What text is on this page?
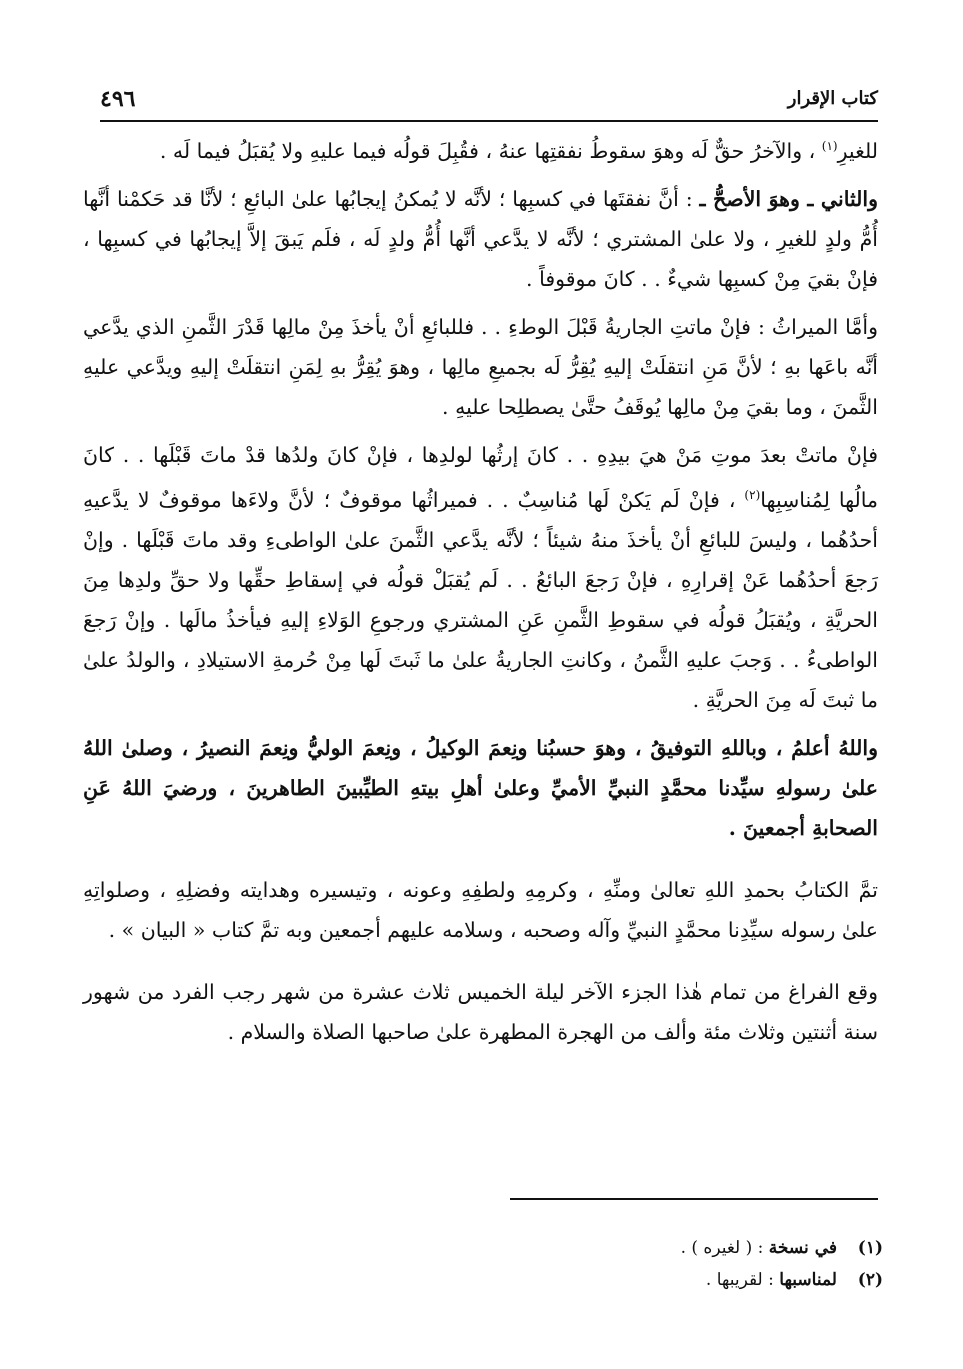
كتاب الإقرار
٤٩٦

للغيرِ$^{(١)}$ ، والآخرُ حقٌّ لَه وهوَ سقوطُ نفقتِها عنهُ ، فقُبِلَ قولُه فيما عليهِ ولا يُقبَلُ فيما لَه .

والثاني ـ وهوَ الأصحُّ ـ : أنَّ نفقتَها في كسبِها ؛ لأنَّه لا يُمكنُ إيجابُها علىٰ البائعِ ؛ لأنَّا قد حَكمْنا أنَّها أُمُّ ولدٍ للغيرِ ، ولا علىٰ المشتري ؛ لأنَّه لا يدَّعي أنَّها أُمُّ ولدٍ لَه ، فلَم يَبقَ إلاَّ إيجابُها في كسبِها ، فإنْ بقيَ مِنْ كسبِها شيءٌ . . كانَ موقوفاً .

وأمَّا الميراثُ : فإنْ ماتتِ الجاريةُ قَبْلَ الوطءِ . . فللبائعِ أنْ يأخذَ مِنْ مالِها قَدْرَ الثَّمنِ الذي يدَّعي أنَّه باعَها بهِ ؛ لأنَّ مَنِ انتقلَتْ إليهِ يُقِرُّ لَه بجميعِ مالِها ، وهوَ يُقِرُّ بهِ لِمَنِ انتقلَتْ إليهِ ويدَّعي عليهِ الثَّمنَ ، وما بقيَ مِنْ مالِها يُوقَفُ حتَّىٰ يصطلِحا عليهِ .

فإنْ ماتتْ بعدَ موتِ مَنْ هيَ بيدِهِ . . كانَ إرثُها لولدِها ، فإنْ كانَ ولدُها قدْ ماتَ قَبْلَها . . كانَ مالُها لِمُناسِبِها$^{(٢)}$ ، فإنْ لَم يَكنْ لَها مُناسِبٌ . . فميراثُها موقوفٌ ؛ لأنَّ ولاءَها موقوفٌ لا يدَّعيهِ أحدُهُما ، وليسَ للبائعِ أنْ يأخذَ منهُ شيئاً ؛ لأنَّه يدَّعي الثَّمنَ علىٰ الواطىءِ وقد ماتَ قَبْلَها . وإنْ رَجعَ أحدُهُما عَنْ إقرارِهِ ، فإنْ رَجعَ البائعُ . . لَم يُقبَلْ قولُه في إسقاطِ حقِّها ولا حقِّ ولدِها مِنَ الحريَّةِ ، ويُقبَلُ قولُه في سقوطِ الثَّمنِ عَنِ المشتري ورجوعِ الوَلاءِ إليهِ فيأخذُ مالَها . وإنْ رَجعَ الواطىءُ . . وَجبَ عليهِ الثَّمنُ ، وكانتِ الجاريةُ علىٰ ما ثَبتَ لَها مِنْ حُرمةِ الاستيلادِ ، والولدُ علىٰ ما ثبتَ لَه مِنَ الحريَّةِ .

واللهُ أعلمُ ، وباللهِ التوفيقُ ، وهوَ حسبُنا ونِعمَ الوكيلُ ، ونِعمَ الوليُّ ونِعمَ النصيرُ ، وصلىٰ اللهُ علىٰ رسولهِ سيِّدنا محمَّدٍ النبيِّ الأميِّ وعلىٰ أهلِ بيتهِ الطيِّبينَ الطاهرينَ ، ورضيَ اللهُ عَنِ الصحابةِ أجمعينَ .

تمَّ الكتابُ بحمدِ اللهِ تعالىٰ ومنِّهِ ، وكرمِهِ ولطفِهِ وعونه ، وتيسيره وهدايته وفضلِهِ ، وصلواتِهِ علىٰ رسوله سيِّدِنا محمَّدٍ النبيِّ وآله وصحبه ، وسلامه عليهم أجمعين وبه تمَّ كتاب « البيان » .

وقع الفراغ من تمام هٰذا الجزء الآخر ليلة الخميس ثلاث عشرة من شهر رجب الفرد من شهور سنة أثنتين وثلاث مئة وألف من الهجرة المطهرة علىٰ صاحبها الصلاة والسلام .

(١)في نسخة : ( لغيره ) .
(٢)لمناسبها : لقريبها .
